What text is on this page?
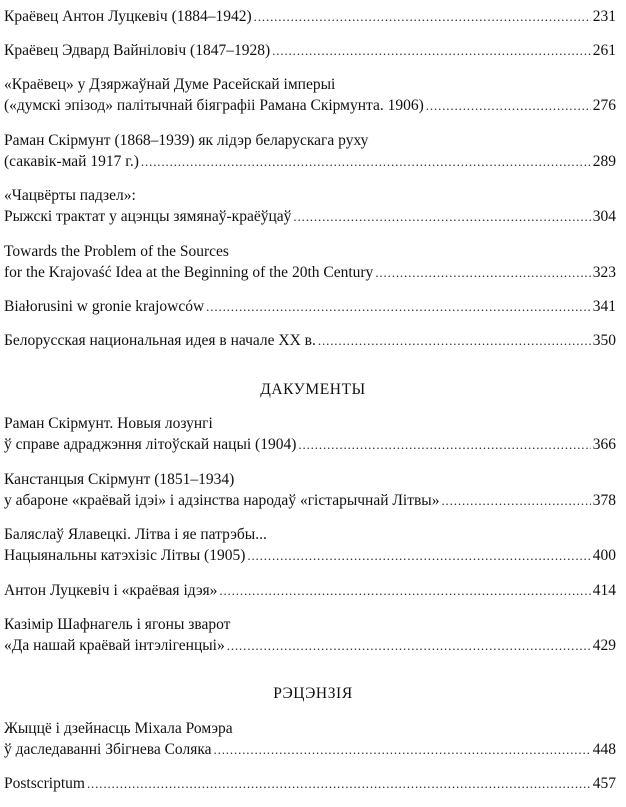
Краёвец Антон Луцкевіч (1884–1942) . . .	231
Краёвец Эдвард Вайніловіч (1847–1928) . . .	261
«Краёвец» у Дзяржаўнай Думе Расейскай імперыі
(«думскі эпізод» палітычнай біяграфіі Рамана Скірмунта. 1906) . . .	276
Раман Скірмунт (1868–1939) як лідэр беларускага руху
(сакавік-май 1917 г.) . . .	289
«Чацвёрты падзел»:
Рыжскі трактат у ацэнцы зямянаў-краёўцаў . . .	304
Towards the Problem of the Sources
for the Krajovaść Idea at the Beginning of the 20th Century . . .	323
Białorusini w gronie krajowców . . .	341
Белорусская национальная идея в начале XX в. . . .	350
ДАКУМЕНТЫ
Раман Скірмунт. Новыя лозунгі
ў справе адраджэння літоўскай нацыі (1904) . . .	366
Канстанцыя Скірмунт (1851–1934)
у абароне «краёвай ідэі» і адзінства народаў «гістарычнай Літвы» . . .	378
Баляслаў Ялавецкі. Літва і яе патрэбы...
Нацыянальны катэхізіс Літвы (1905) . . .	400
Антон Луцкевіч і «краёвая ідэя» . . .	414
Казімір Шафнагель і ягоны зварот
«Да нашай краёвай інтэлігенцыі» . . .	429
РЭЦЭНЗІЯ
Жыццё і дзейнасць Міхала Ромэра
ў даследаванні Збігнева Соляка . . .	448
Postscriptum . . .	457
